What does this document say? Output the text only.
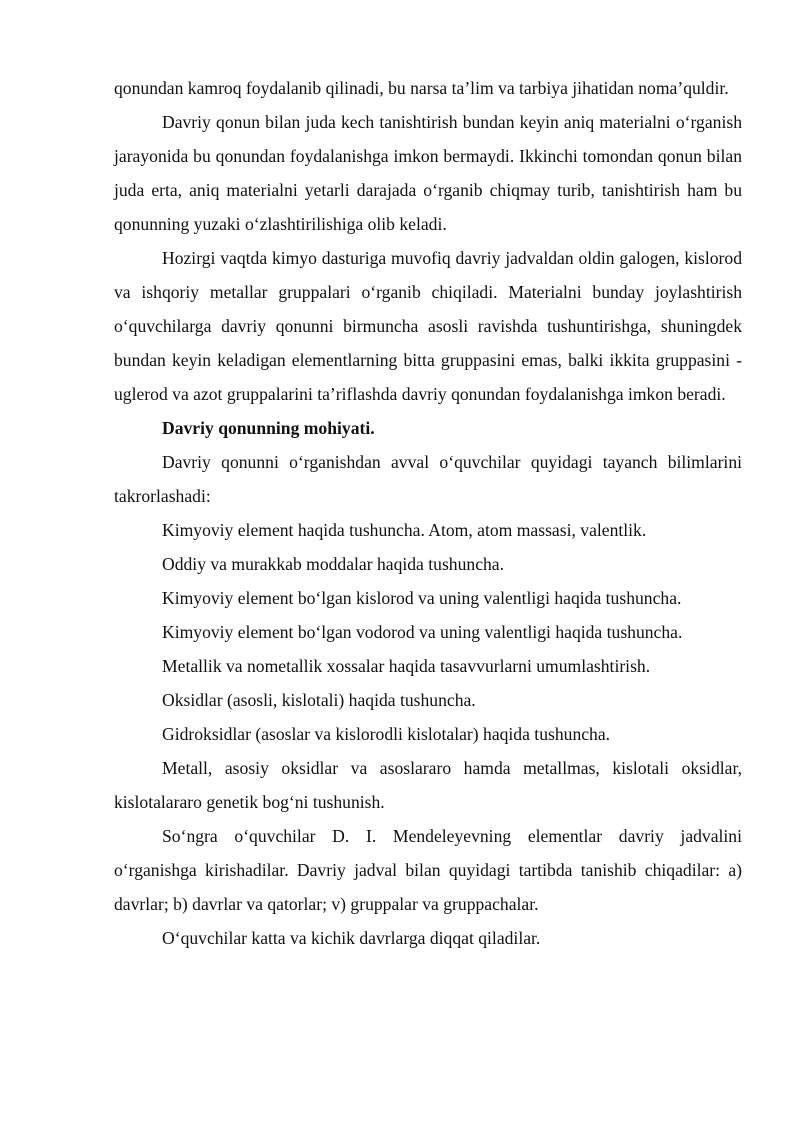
qonundan kamroq foydalanib qilinadi, bu narsa ta’lim va tarbiya jihatidan noma’quldir.

Davriy qonun bilan juda kech tanishtirish bundan keyin aniq materialni o‘rganish jarayonida bu qonundan foydalanishga imkon bermaydi. Ikkinchi tomondan qonun bilan juda erta, aniq materialni yetarli darajada o‘rganib chiqmay turib, tanishtirish ham bu qonunning yuzaki o‘zlashtirilishiga olib keladi.

Hozirgi vaqtda kimyo dasturiga muvofiq davriy jadvaldan oldin galogen, kislorod va ishqoriy metallar gruppalari o‘rganib chiqiladi. Materialni bunday joylashtirish o‘quvchilarga davriy qonunni birmuncha asosli ravishda tushuntirishga, shuningdek bundan keyin keladigan elementlarning bitta gruppasini emas, balki ikkita gruppasini - uglerod va azot gruppalarini ta’riflashda davriy qonundan foydalanishga imkon beradi.

Davriy qonunning mohiyati.

Davriy qonunni o‘rganishdan avval o‘quvchilar quyidagi tayanch bilimlarini takrorlashadi:

Kimyoviy element haqida tushuncha. Atom, atom massasi, valentlik.

Oddiy va murakkab moddalar haqida tushuncha.

Kimyoviy element bo‘lgan kislorod va uning valentligi haqida tushuncha.

Kimyoviy element bo‘lgan vodorod va uning valentligi haqida tushuncha.

Metallik va nometallik xossalar haqida tasavvurlarni umumlashtirish.

Oksidlar (asosli, kislotali) haqida tushuncha.

Gidroksidlar (asoslar va kislorodli kislotalar) haqida tushuncha.

Metall, asosiy oksidlar va asoslararo hamda metallmas, kislotali oksidlar, kislotalararo genetik bog‘ni tushunish.

So‘ngra o‘quvchilar D. I. Mendeleyevning elementlar davriy jadvalini o‘rganishga kirishadilar. Davriy jadval bilan quyidagi tartibda tanishib chiqadilar: a) davrlar; b) davrlar va qatorlar; v) gruppalar va gruppachalar.

O‘quvchilar katta va kichik davrlarga diqqat qiladilar.
